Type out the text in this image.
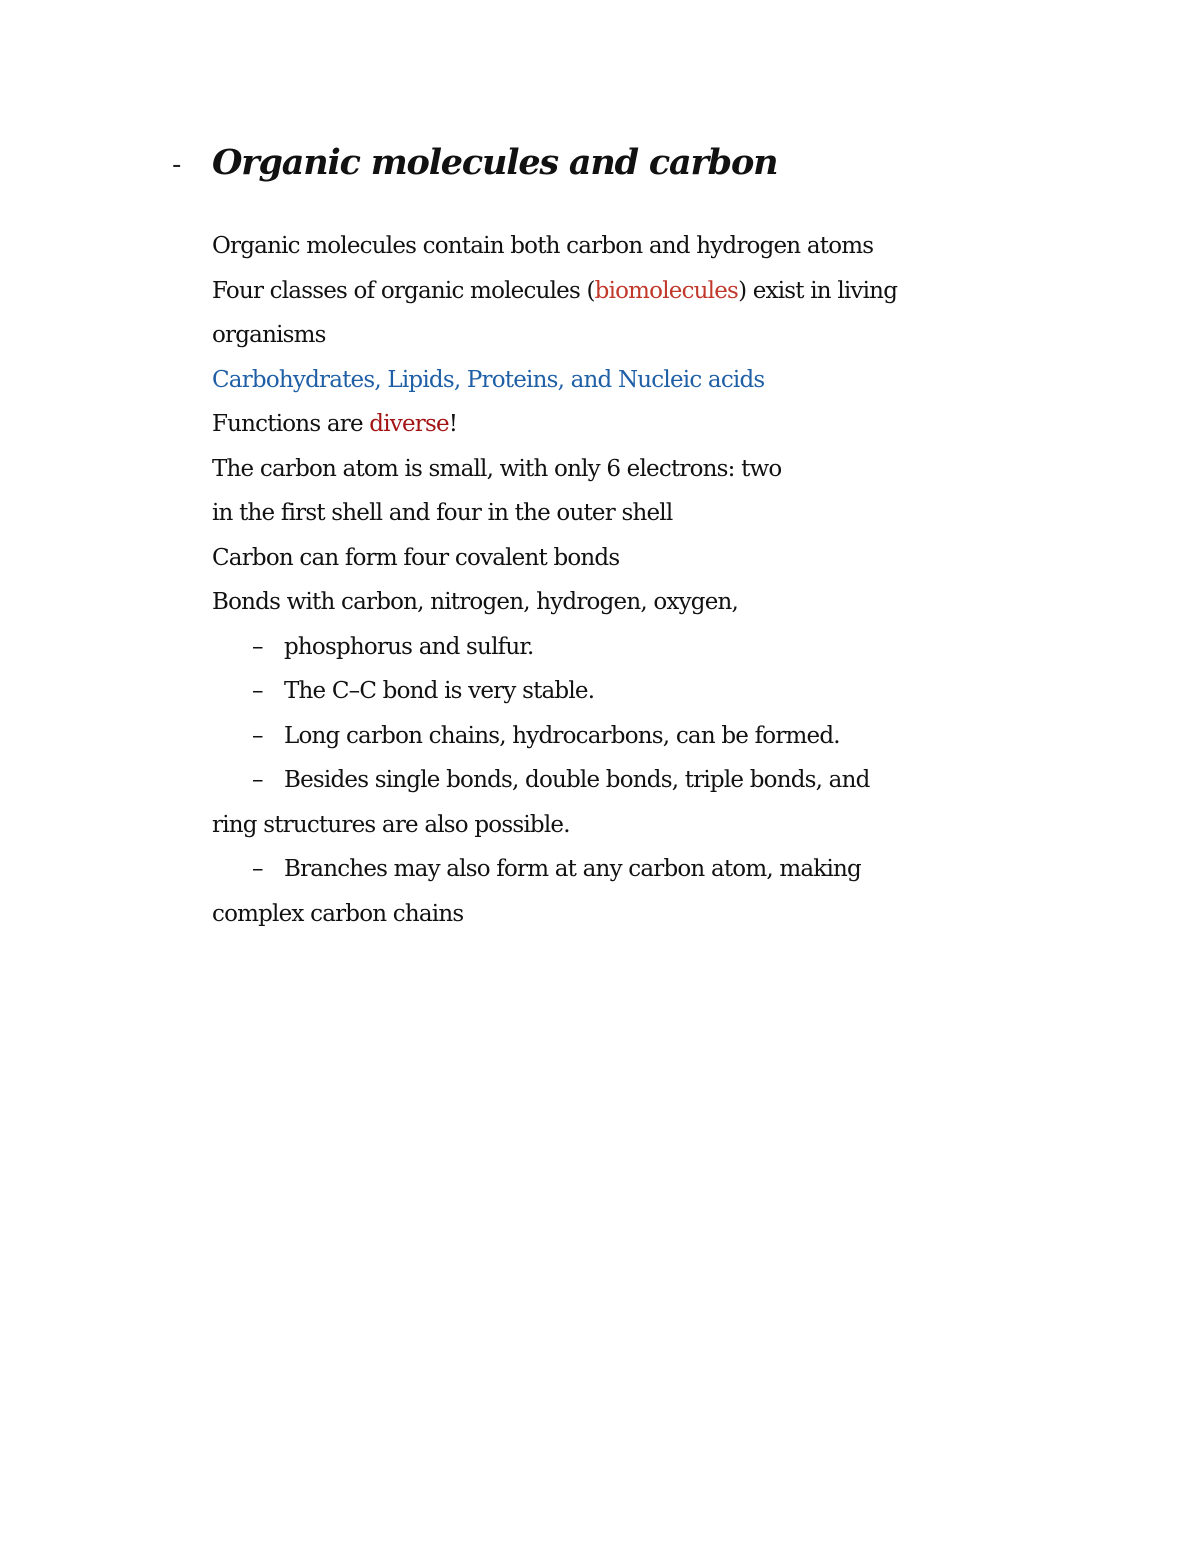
- Organic molecules and carbon
Organic molecules contain both carbon and hydrogen atoms
Four classes of organic molecules (biomolecules) exist in living
organisms
Carbohydrates, Lipids, Proteins, and Nucleic acids
Functions are diverse!
The carbon atom is small, with only 6 electrons: two
in the first shell and four in the outer shell
Carbon can form four covalent bonds
Bonds with carbon, nitrogen, hydrogen, oxygen,
– phosphorus and sulfur.
– The C–C bond is very stable.
– Long carbon chains, hydrocarbons, can be formed.
– Besides single bonds, double bonds, triple bonds, and
ring structures are also possible.
– Branches may also form at any carbon atom, making
complex carbon chains
